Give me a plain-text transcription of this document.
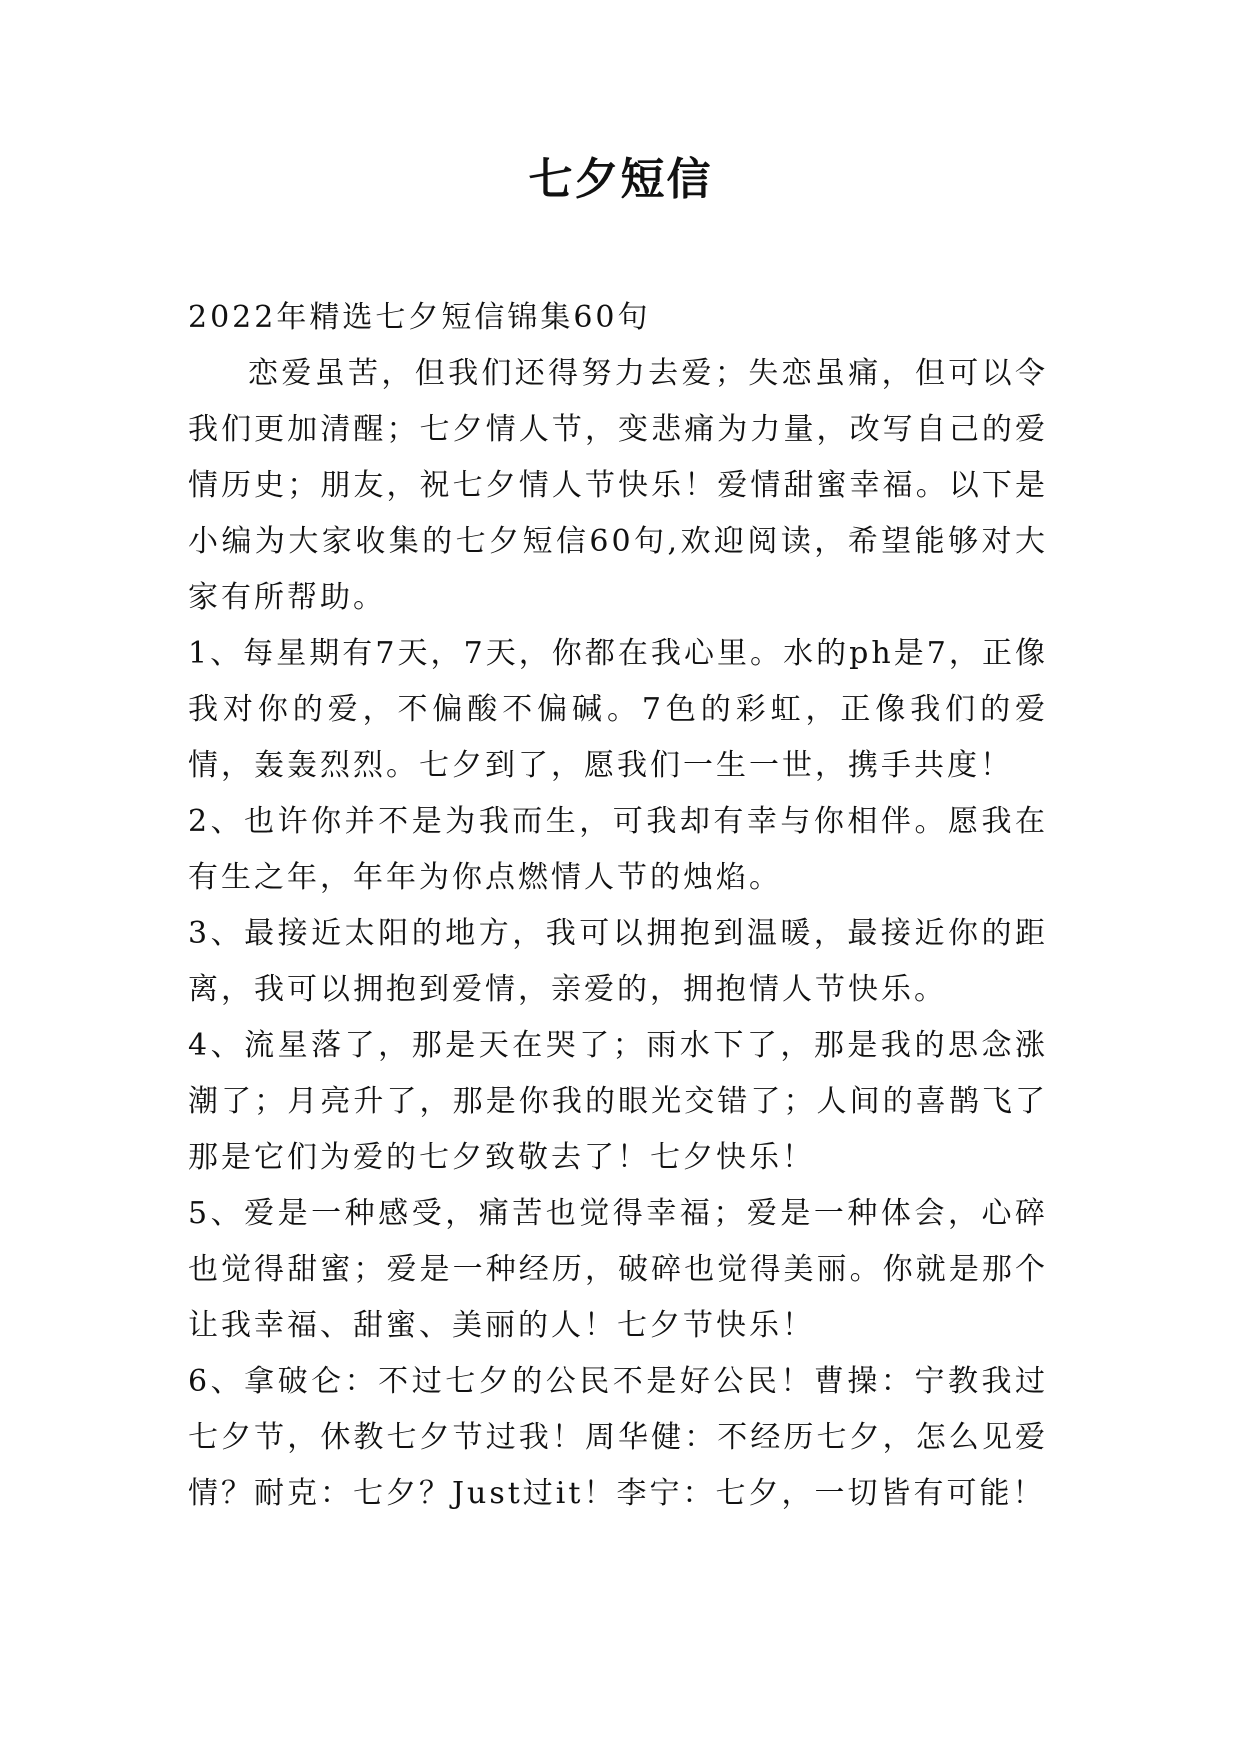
七夕短信

2022年精选七夕短信锦集60句

恋爱虽苦，但我们还得努力去爱；失恋虽痛，但可以令我们更加清醒；七夕情人节，变悲痛为力量，改写自己的爱情历史；朋友，祝七夕情人节快乐！爱情甜蜜幸福。以下是小编为大家收集的七夕短信60句,欢迎阅读，希望能够对大家有所帮助。

1、每星期有7天，7天，你都在我心里。水的ph是7，正像我对你的爱，不偏酸不偏碱。7色的彩虹，正像我们的爱情，轰轰烈烈。七夕到了，愿我们一生一世，携手共度！

2、也许你并不是为我而生，可我却有幸与你相伴。愿我在有生之年，年年为你点燃情人节的烛焰。

3、最接近太阳的地方，我可以拥抱到温暖，最接近你的距离，我可以拥抱到爱情，亲爱的，拥抱情人节快乐。

4、流星落了，那是天在哭了；雨水下了，那是我的思念涨潮了；月亮升了，那是你我的眼光交错了；人间的喜鹊飞了那是它们为爱的七夕致敬去了！七夕快乐！

5、爱是一种感受，痛苦也觉得幸福；爱是一种体会，心碎也觉得甜蜜；爱是一种经历，破碎也觉得美丽。你就是那个让我幸福、甜蜜、美丽的人！七夕节快乐！

6、拿破仑：不过七夕的公民不是好公民！曹操：宁教我过七夕节，休教七夕节过我！周华健：不经历七夕，怎么见爱情？耐克：七夕？Just过it！李宁：七夕，一切皆有可能！
